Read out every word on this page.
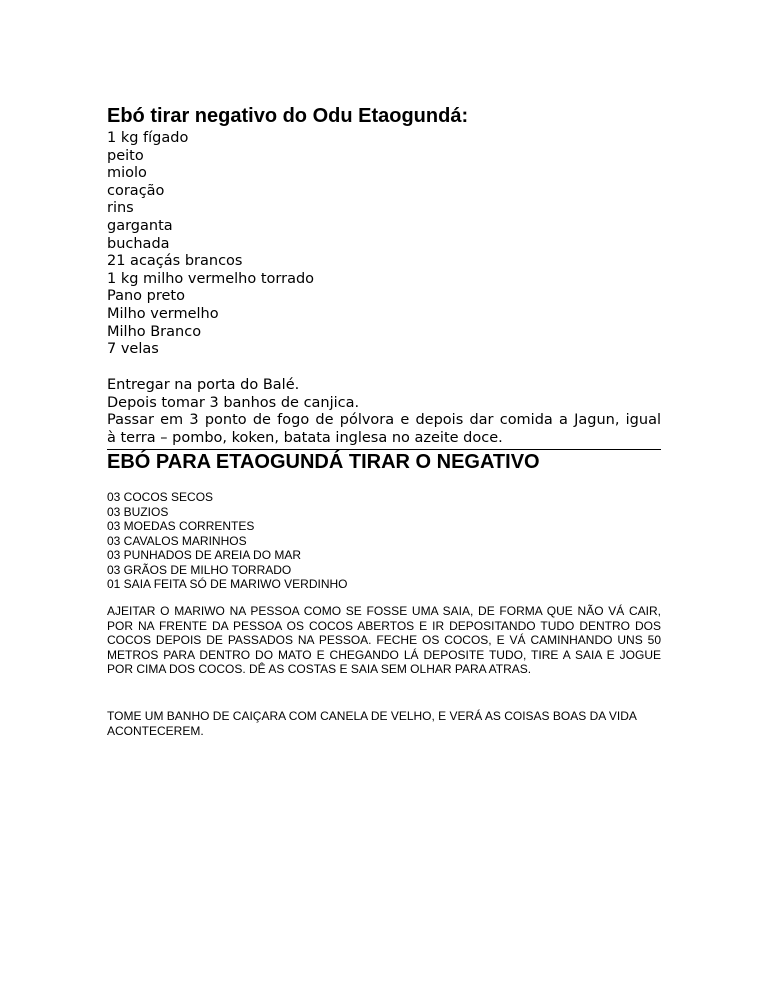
Ebó tirar negativo do Odu Etaogundá:
1 kg fígado
peito
miolo
coração
rins
garganta
buchada
21 acaçás brancos
1 kg milho vermelho torrado
Pano preto
Milho vermelho
Milho Branco
7 velas

Entregar na porta do Balé.

Depois tomar 3 banhos de canjica.

Passar em 3 ponto de fogo de pólvora e depois dar comida a Jagun, igual

à terra – pombo, koken, batata inglesa no azeite doce.

EBÓ PARA ETAOGUNDÁ TIRAR O NEGATIVO
03 COCOS SECOS
03 BUZIOS
03 MOEDAS CORRENTES
03 CAVALOS MARINHOS
03 PUNHADOS DE AREIA DO MAR
03 GRÃOS DE MILHO TORRADO
01 SAIA FEITA SÓ DE MARIWO VERDINHO

AJEITAR O MARIWO NA PESSOA COMO SE FOSSE UMA SAIA, DE FORMA QUE NÃO VÁ CAIR, POR NA FRENTE DA PESSOA OS COCOS ABERTOS E IR DEPOSITANDO TUDO DENTRO DOS COCOS DEPOIS DE PASSADOS NA PESSOA. FECHE OS COCOS, E VÁ CAMINHANDO UNS 50 METROS PARA DENTRO DO MATO E CHEGANDO LÁ DEPOSITE TUDO, TIRE A SAIA E JOGUE POR CIMA DOS COCOS. DÊ AS COSTAS E SAIA SEM OLHAR PARA ATRAS.

TOME UM BANHO DE CAIÇARA COM CANELA DE VELHO, E VERÁ AS COISAS BOAS DA VIDA ACONTECEREM.
